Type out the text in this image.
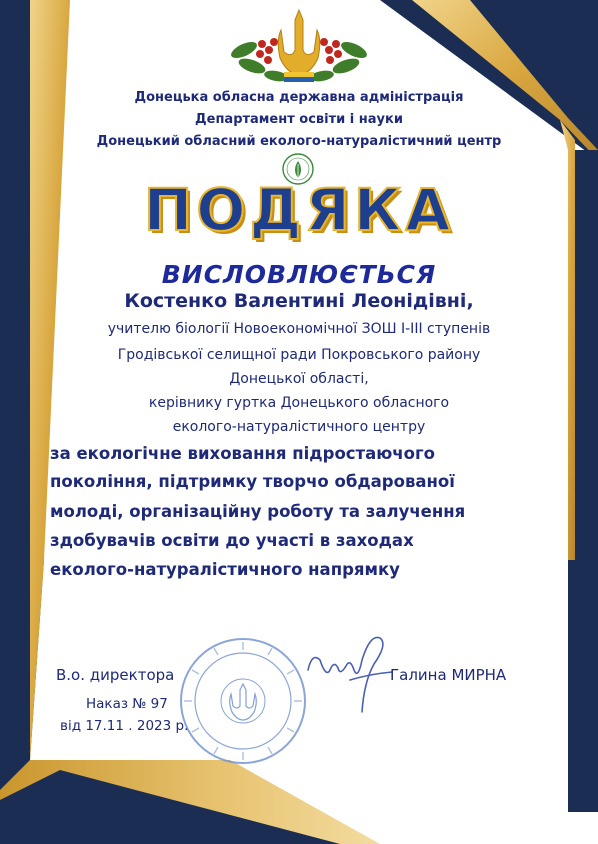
Донецька обласна державна адміністрація
Департамент освіти і науки
Донецький обласний еколого-натуралістичний центр
ПОДЯКА
ВИСЛОВЛЮЄТЬСЯ
Костенко Валентині Леонідівні,
учителю біології Новоекономічної ЗОШ І-ІІІ ступенів
Гродівської селищної ради Покровського району
Донецької області,
керівнику гуртка Донецького обласного
еколого-натуралістичного центру
за екологічне виховання підростаючого
покоління, підтримку творчо обдарованої
молоді, організаційну роботу та залучення
здобувачів освіти до участі в заходах
еколого-натуралістичного напрямку
В.о. директора	Галина МИРНА
Наказ № 97
від 17.11 . 2023 р.
